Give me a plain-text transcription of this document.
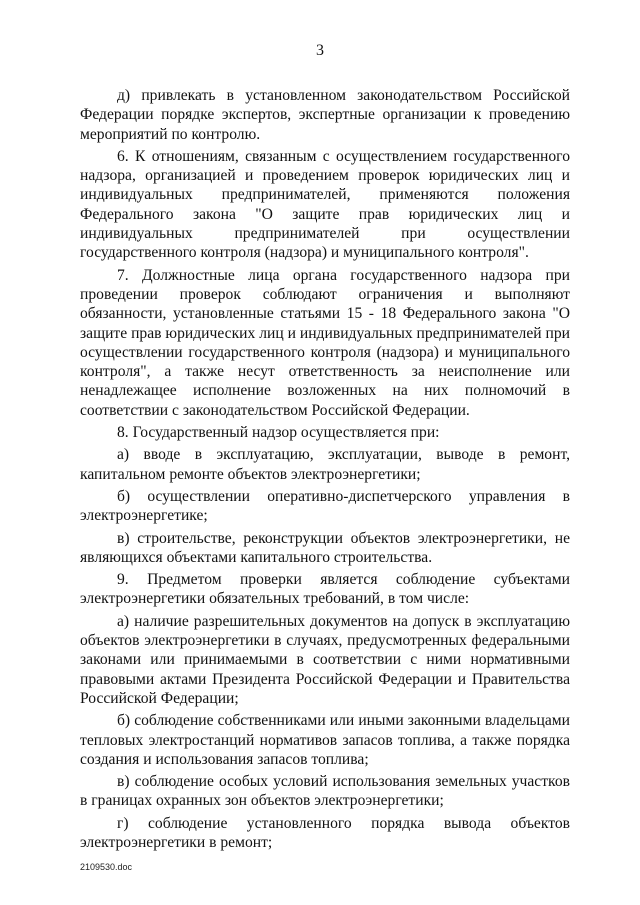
3

д) привлекать в установленном законодательством Российской Федерации порядке экспертов, экспертные организации к проведению мероприятий по контролю.

6. К отношениям, связанным с осуществлением государственного надзора, организацией и проведением проверок юридических лиц и индивидуальных предпринимателей, применяются положения Федерального закона "О защите прав юридических лиц и индивидуальных предпринимателей при осуществлении государственного контроля (надзора) и муниципального контроля".

7. Должностные лица органа государственного надзора при проведении проверок соблюдают ограничения и выполняют обязанности, установленные статьями 15 - 18 Федерального закона "О защите прав юридических лиц и индивидуальных предпринимателей при осуществлении государственного контроля (надзора) и муниципального контроля", а также несут ответственность за неисполнение или ненадлежащее исполнение возложенных на них полномочий в соответствии с законодательством Российской Федерации.

8. Государственный надзор осуществляется при:

а) вводе в эксплуатацию, эксплуатации, выводе в ремонт, капитальном ремонте объектов электроэнергетики;

б) осуществлении оперативно-диспетчерского управления в электроэнергетике;

в) строительстве, реконструкции объектов электроэнергетики, не являющихся объектами капитального строительства.

9. Предметом проверки является соблюдение субъектами электроэнергетики обязательных требований, в том числе:

а) наличие разрешительных документов на допуск в эксплуатацию объектов электроэнергетики в случаях, предусмотренных федеральными законами или принимаемыми в соответствии с ними нормативными правовыми актами Президента Российской Федерации и Правительства Российской Федерации;

б) соблюдение собственниками или иными законными владельцами тепловых электростанций нормативов запасов топлива, а также порядка создания и использования запасов топлива;

в) соблюдение особых условий использования земельных участков в границах охранных зон объектов электроэнергетики;

г) соблюдение установленного порядка вывода объектов электроэнергетики в ремонт;

2109530.doc
